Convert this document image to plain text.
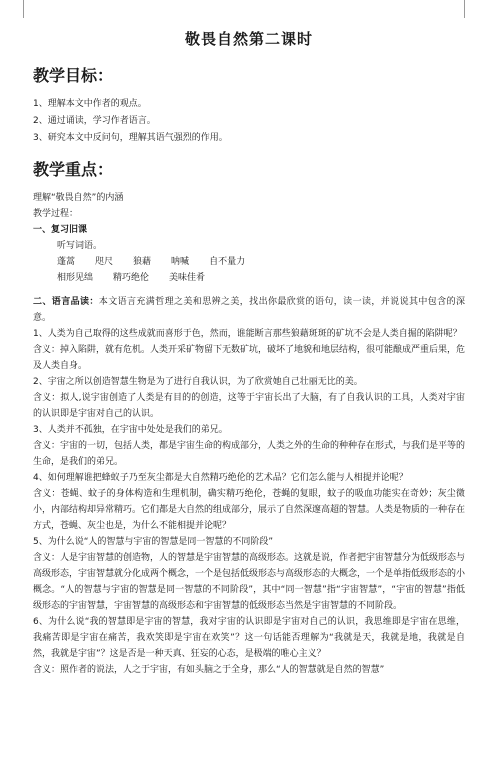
敬畏自然第二课时
教学目标：
1、理解本文中作者的观点。
2、通过诵读，学习作者语言。
3、研究本文中反问句，理解其语气强烈的作用。
教学重点：

理解“敬畏自然”的内涵

教学过程：

一、复习旧课

听写词语。

蓬蒿 咫尺 狼藉 呐喊 自不量力

相形见绌 精巧绝伦 美味佳肴

二、语言品读：本文语言充满哲理之美和思辨之美，找出你最欣赏的语句，读一读，并说说其中包含的深意。

1、人类为自己取得的这些成就而喜形于色，然而，谁能断言那些狼藉斑斑的矿坑不会是人类自掘的陷阱呢？

含义：掉入陷阱，就有危机。人类开采矿物留下无数矿坑，破坏了地貌和地层结构，很可能酿成严重后果，危及人类自身。

2、宇宙之所以创造智慧生物是为了进行自我认识，为了欣赏她自己壮丽无比的美。

含义：拟人,说宇宙创造了人类是有目的的创造，这等于宇宙长出了大脑，有了自我认识的工具，人类对宇宙的认识即是宇宙对自己的认识。

3、人类并不孤独，在宇宙中处处是我们的弟兄。

含义：宇宙的一切，包括人类，都是宇宙生命的构成部分，人类之外的生命的种种存在形式，与我们是平等的生命，是我们的弟兄。

4、如何理解谁把蜂蚁子乃至灰尘都是大自然精巧绝伦的艺术品？它们怎么能与人相提并论呢？

含义：苍蝇、蚊子的身体构造和生理机制，确实精巧绝伦，苍蝇的复眼，蚊子的吸血功能实在奇妙；灰尘微小，内部结构却异常精巧。它们都是大自然的组成部分，展示了自然深邃高超的智慧。人类是物质的一种存在方式，苍蝇、灰尘也是，为什么不能相提并论呢？

5、为什么说“人的智慧与宇宙的智慧是同一智慧的不同阶段”

含义：人是宇宙智慧的创造物，人的智慧是宇宙智慧的高级形态。这就是说，作者把宇宙智慧分为低级形态与高级形态，宇宙智慧就分化成两个概念，一个是包括低级形态与高级形态的大概念，一个是单指低级形态的小概念。“人的智慧与宇宙的智慧是同一智慧的不同阶段”，其中“同一智慧”指“宇宙智慧”，“宇宙的智慧”指低级形态的宇宙智慧，宇宙智慧的高级形态和宇宙智慧的低级形态当然是宇宙智慧的不同阶段。

6、为什么说“我的智慧即是宇宙的智慧，我对宇宙的认识即是宇宙对自己的认识，我思维即是宇宙在思维，我痛苦即是宇宙在痛苦，我欢笑即是宇宙在欢笑”？这一句话能否理解为“我就是天，我就是地，我就是自然，我就是宇宙”？这是否是一种天真、狂妄的心态，是极端的唯心主义？

含义：照作者的说法，人之于宇宙，有如头脑之于全身，那么“人的智慧就是自然的智慧”
